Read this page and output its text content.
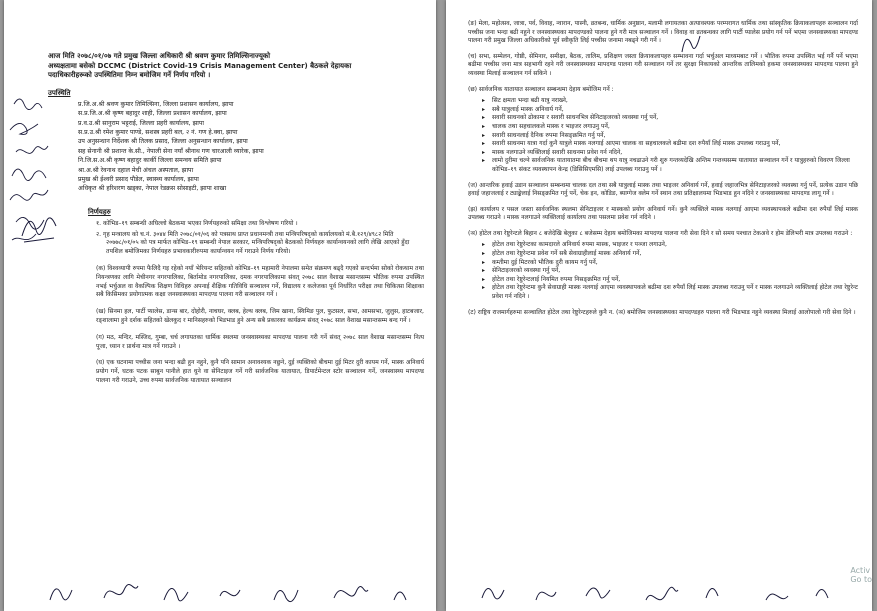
आज मिति २०७८/०१/०७ गते प्रमुख जिल्ला अधिकारी श्री श्रवण कुमार तिमिल्सिनाज्यूको

अध्यक्षतामा बसेको DCCMC (District Covid-19 Crisis Management Center) बैठकले देहायका

पदाधिकारीहरूको उपस्थितिमा निम्न बमोजिम गर्ने निर्णय गरियो ।

उपस्थिति

प्र.जि.अ.श्री श्रवण कुमार तिमिल्सिना, जिल्ला प्रशासन कार्यालय, झापा
स.प्र.जि.अ.श्री कृष्ण बहादुर शाही, जिल्ला प्रशासन कार्यालय, झापा
प्र.व.उ.श्री सानुराम भट्टराई, जिल्ला प्रहरी कार्यालय, झापा
स.प्र.उ.श्री रमेश कुमार पाण्डे, सशस्त्र प्रहरी बल, २ नं. गण हे.क्वा, झापा
उप अनुसन्धान निर्देशक श्री तिलक प्रसाद, जिल्ला अनुसन्धान कार्यालय, झापा
सह सेनानी श्री प्रशान्त के.सी., नेपाली सेना नयाँ श्रीनाथ गण चारआली व्यारेक, झापा
नि.जि.स.अ.श्री कृष्ण बहादुर कार्की जिल्ला समन्वय समिति झापा
श्रा.अ.श्री रेवनाथ दहाल मेची अंचल अस्पताल, झापा
प्रमुख श्री ईश्वरी प्रसाद पौडेल, स्वास्थ्य कार्यालय, झापा
अधिकृत श्री हरिशरण खड्का, नेपाल रेडक्रस सोसाइटी, झापा शाखा

निर्णयहरु

१. कोभिड–१९ सम्बन्धी अघिल्लो बैठकमा भएका निर्णयहरुको समिक्षा तथा विश्लेषण गरियो ।

२. गृह मन्त्रालय को च.नं. ३०४४ मिति २०७८/०१/०६ को पत्रसाथ प्राप्त प्रधानमन्त्री तथा मन्त्रिपरिषद्को कार्यालयको मं.बै.१२९/४९८२ मिति २०७७८/०१/०५ को पत्र मार्फत कोभिड–१९ सम्बन्धी नेपाल सरकार, मन्त्रिपरिषद्को बैठकको निर्णयहरु कार्यान्वयनको लागि लेखि आएको हुँदा तपशिल बमोजिमका निर्णयहरु प्रभावकारीरुपमा कार्यान्वयन गर्ने गराउने निर्णय गरियो।

(क) विश्वव्यापी रुपमा फैलिदै गइ रहेको नयाँ भेरियन्ट सहितको कोभिड–१९ महामारी नेपालमा समेत संक्रमण बढ्दै गएको सन्दर्भमा सोको रोकथाम तथा नियन्त्रणका लागि मेचीनगर नगरपालिका, बिर्तामोड नगरपालिका, दमक नगरपालिकामा संवत् २०७८ साल वैशाख मसान्तसम्म भौतिक रुपमा उपस्थित नभई भर्चुअल वा वैकल्पिक शिक्षण विधिहरु अपनाई शैक्षिक गतिविधि सञ्चालन गर्ने, विद्यालय र कलेजका पूर्व निर्धारित परीक्षा तथा चिकित्सा शिक्षाका सबै किसिमका प्रयोगात्मक कक्षा जनस्वास्थ्यका मापदण्ड पालना गरी सञ्चालन गर्ने ।

(ख) सिनमा हल, पार्टी प्यालेस, डान्स बार, दोहोरी, नाचघर, क्लब, हेल्थ क्लब, जिम खाना, स्विमिङ पुल, फुटसल, सभा, आमसभा, जुलुस, हाटबजार, रङ्शालामा हुने दर्शक सहितको खेलकुद र मानिसहरुको भिडभाड हुने अन्य सबै प्रकारका कार्यक्रम संवत् २०७८ साल वैशाख मसान्तसम्म बन्द गर्ने ।

(ग) मठ, मन्दिर, मस्जिद, गुम्बा, चर्च लगायतका धार्मिक स्थलमा जनस्वास्थ्यका मापदण्ड पालना गरी गर्ने संवत् २०७८ साल वैशाख मसान्तसम्म नित्य पूजा, ध्यान र प्रार्थना मात्र गर्ने गराउने ।

(घ) एक घटनामा पच्चीस जना भन्दा बढी हुन नहुने, कुनै पनि सामान अनावश्यक नछुने, दुई व्यक्तिको बीचमा दुई मिटर दुरी कायम गर्ने, मास्क अनिवार्य प्रयोग गर्ने, घटक पटक साबुन पानीले हात धुने वा सेनिटाइज गर्ने गरी सार्वजनिक यातायात, डिपार्टमेन्टल स्टोर सञ्चालन गर्ने, जनस्वास्थ्य मापदण्ड पालना गरी गराउने, उच्च रुपमा सार्वजनिक यातायात सञ्चालन

(ङ) मेला, महोत्सव, जात्रा, पर्व, विवाह, न्वारान, पास्नी, व्रतबन्ध, धार्मिक अनुष्ठान, मलामी लगायतका अत्यावश्यक परम्परागत धार्मिक तथा सांस्कृतिक क्रियाकलापहरु सञ्चालन गर्दा पच्चीस जना भन्दा बढी नहुने र जनस्वास्थ्यका मापदण्डको पालना हुने गरी मात्र सञ्चालन गर्ने । विवाह वा व्रतबन्धका लागि पार्टी प्यालेस प्रयोग गर्न पर्ने भएमा जनस्वास्थ्यका मापदण्ड पालना गरी प्रमुख जिल्ला अधिकारीको पूर्व स्वीकृति लिई पच्चीस जनामा नबढ्ने गरी गर्ने ।

(च) सभा, सम्मेलन, गोष्ठी, सेमिनार, समीक्षा, बैठक, तालिम, प्रशिक्षण जस्ता क्रियाकलापहरु सम्भावना गर्दा भर्चुअल माध्यमबाट गर्ने । भौतिक रुपमा उपस्थित भई गर्नै पर्ने भएमा बढीमा पच्चीस जना मात्र सहभागी रहने गरी जनस्वास्थ्यका मापदण्ड पालना गरी सञ्चालन गर्ने तर सुरक्षा निकायको आन्तरिक तालिमको हकमा जनस्वास्थ्यका मापदण्ड पालना हुने व्यवस्था मिलाई सञ्चालन गर्न सकिने ।

(छ) सार्वजनिक यातायात सञ्चालन सम्बन्धमा देहाय बमोजिम गर्ने :

▸ सिट क्षमता भन्दा बढी यात्रु नराख्ने,
▸ सबै यात्रुलाई मास्क अनिवार्य गर्ने,
▸ सवारी साधनको ढोकामा र सवारी साधनभित्र सेनिटाइजरको व्यवस्था गर्नु पर्ने,
▸ चालक तथा सहचालकले मास्क र भाइजर लगाउनु पर्ने,
▸ सवारी साधनलाई दैनिक रुपमा निसङ्क्रमित गर्नु पर्ने,
▸ सवारी साधनमा यात्रा गर्दा कुनै यात्रुले मास्क नलगाई आएमा चालक वा सहचालकले बढीमा दश रुपैयाँ लिई मास्क उपलब्ध गराउनु पर्ने,
▸ मास्क नलगाउने व्यक्तिलाई सवारी साधनमा प्रवेश गर्न नदिने,
▸ लामो दुरीमा चल्ने सार्वजनिक यातायातमा बीच बीचमा थप यात्रु नचढाउने गरी शुरु गन्तव्यदेखि अन्तिम गन्तव्यसम्म यातायात सञ्चालन गर्ने र यात्रुहरुको विवरण जिल्ला कोभिड–१९ संकट व्यवस्थापन केन्द्र (डिसिसिएमसि) लाई उपलब्ध गराउनु पर्ने ।

(ज) आन्तरिक हवाई उडान सञ्चालन सम्बन्धमा चालक दल तथा सबै यात्रुलाई मास्क तथा भाइजर अनिवार्य गर्ने, हवाई जहाजभित्र सेनिटाइजरको व्यवस्था गर्नु पर्ने, प्रत्येक उडान पछि हवाई जहाजलाई र ट्याङ्केलाई निसङ्क्रमित गर्नु पर्ने, चेक इन, कोडिङ, ब्याग्गेज क्लेम गर्ने स्थान तथा प्रतिक्षालयमा भिडभाड हुन नदिने र जनस्वास्थ्यका मापदण्ड लागू गर्ने ।

(झ) कार्यालय र पसल जस्ता सार्वजनिक स्थलमा सेनिटाइजर र मास्कको प्रयोग अनिवार्य गर्ने। कुनै व्यक्तिले मास्क नलगाई आएमा व्यवस्थापकले बढीमा दश रुपैयाँ लिई मास्क उपलब्ध गराउने । मास्क नलगाउने व्यक्तिलाई कार्यालय तथा पसलमा प्रवेश गर्न नदिने ।

(ञ) होटेल तथा रेष्टुरेन्टले बिहान ८ बजेदेखि बेलुका ८ बजेसम्म देहाय बमोजिमका मापदण्ड पालना गरी सेवा दिने र सो समय पश्चात टेकअवे र होम डेलिभरी मात्र उपलब्ध गराउने :

▸ होटेल तथा रेष्टुरेन्टका कामदारले अनिवार्य रुपमा मास्क, भाइजर र पञ्जा लगाउने,
▸ होटेल तथा रेष्टुरेन्टमा प्रवेश गर्ने सबै सेवाग्राहीलाई मास्क अनिवार्य गर्ने,
▸ कम्तीमा दुई मिटरको भौतिक दुरी कायम गर्नु पर्ने,
▸ सेनिटाइजरको व्यवस्था गर्नु पर्ने,
▸ होटेल तथा रेष्टुरेन्टलाई नियमित रुपमा निसङ्क्रमित गर्नु पर्ने,
▸ होटेल तथा रेष्टुरेन्टमा कुनै सेवाग्राही मास्क नलगाई आएमा व्यवस्थापकले बढीमा दश रुपैयाँ लिई मास्क उपलब्ध गराउनु पर्ने र मास्क नलगाउने व्यक्तिलाई होटेल तथा रेष्टुरेन्ट प्रवेश गर्न नदिने ।

(ट) राष्ट्रिय राजमार्गहरुमा सञ्चालित होटेल तथा रेष्टुरेन्टहरुले कुनै न. (ञ) बमोजिम जनस्वास्थ्यका मापदण्डहरु पालना गरी भिडभाड नहुने व्यवस्था मिलाई आलोपालो गरी सेवा दिने ।

Activ
Go to
